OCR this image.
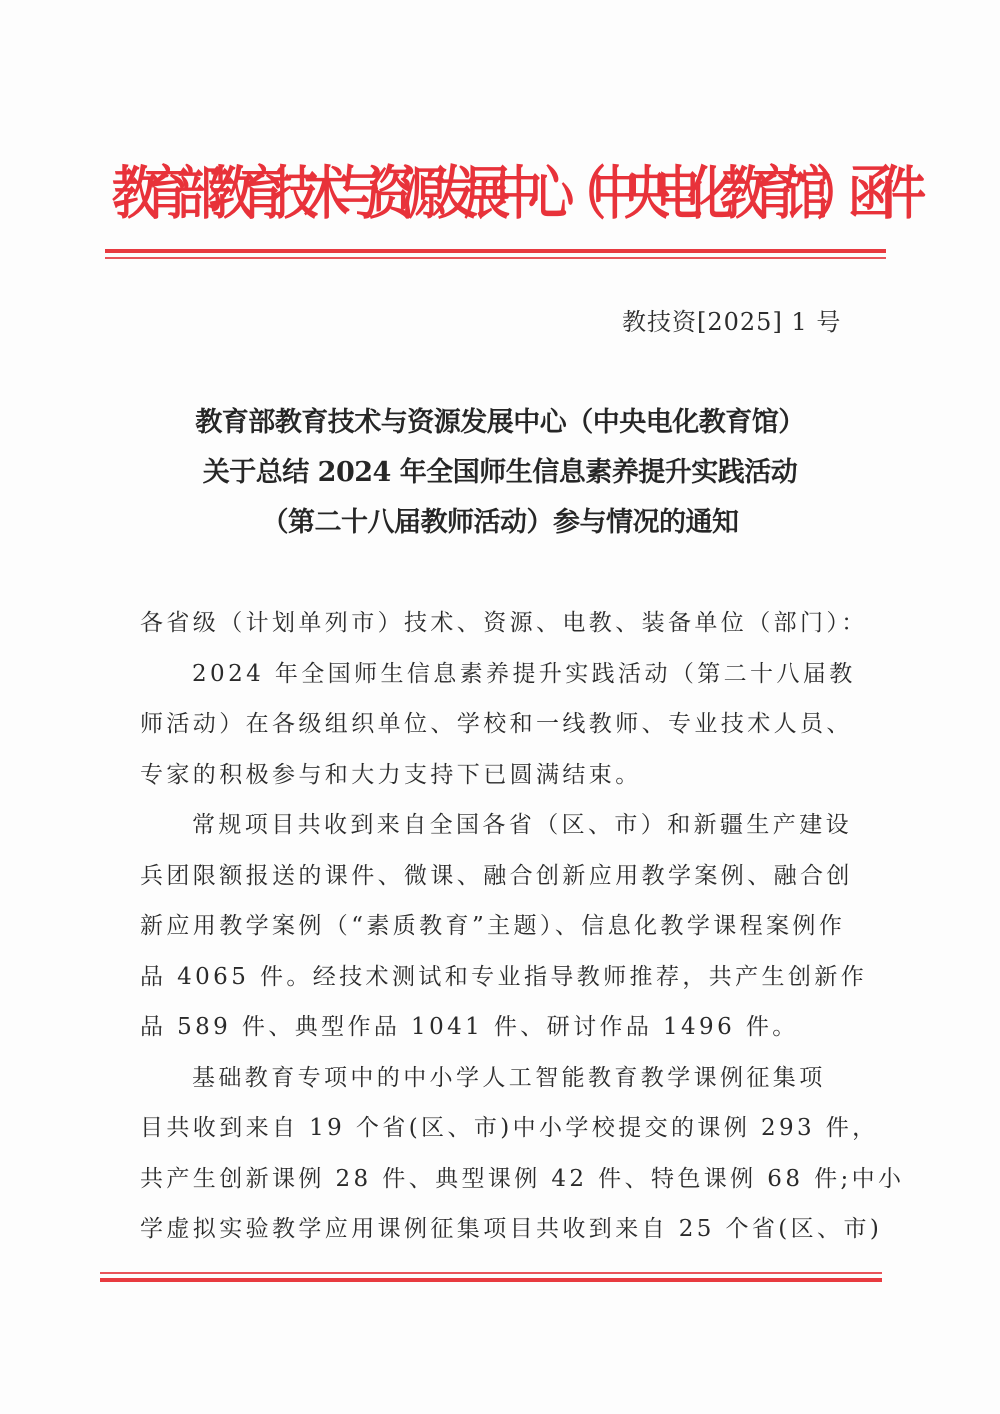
教育部教育技术与资源发展中心（中央电化教育馆）函件
教技资[2025] 1 号
教育部教育技术与资源发展中心（中央电化教育馆）
关于总结 2024 年全国师生信息素养提升实践活动
（第二十八届教师活动）参与情况的通知
各省级（计划单列市）技术、资源、电教、装备单位（部门）：
2024 年全国师生信息素养提升实践活动（第二十八届教
师活动）在各级组织单位、学校和一线教师、专业技术人员、
专家的积极参与和大力支持下已圆满结束。
常规项目共收到来自全国各省（区、市）和新疆生产建设
兵团限额报送的课件、微课、融合创新应用教学案例、融合创
新应用教学案例（“素质教育”主题）、信息化教学课程案例作
品 4065 件。经技术测试和专业指导教师推荐，共产生创新作
品 589 件、典型作品 1041 件、研讨作品 1496 件。
基础教育专项中的中小学人工智能教育教学课例征集项
目共收到来自 19 个省(区、市)中小学校提交的课例 293 件，
共产生创新课例 28 件、典型课例 42 件、特色课例 68 件;中小
学虚拟实验教学应用课例征集项目共收到来自 25 个省(区、市)
